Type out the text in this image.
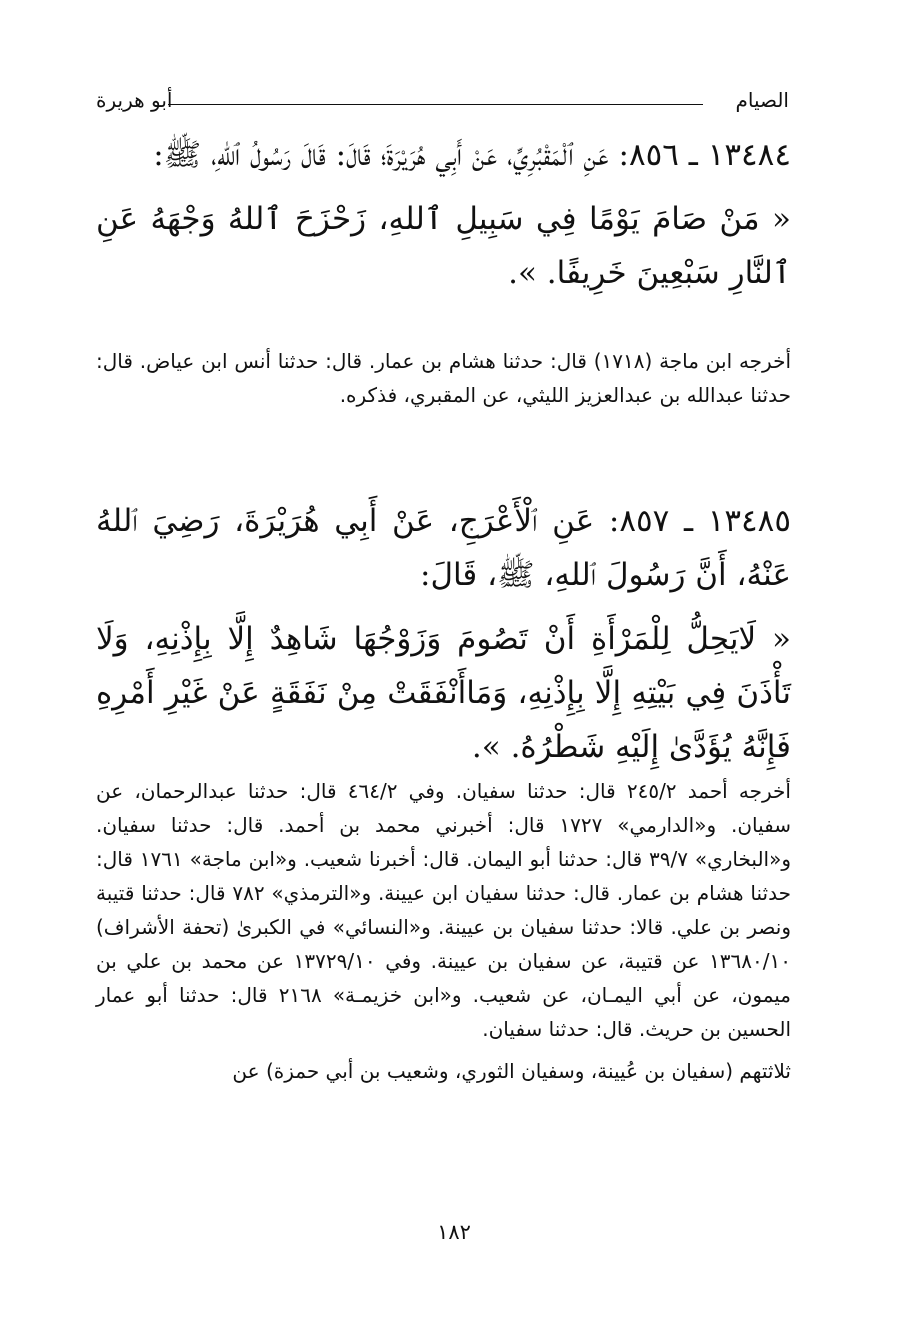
الصيام
أبو هريرة

١٣٤٨٤ ـ ٨٥٦: عَنِ ٱلْمَقْبُرِيِّ، عَنْ أَبِي هُرَيْرَةَ؛ قَالَ: قَالَ رَسُولُ ٱللهِ، ﷺ:

« مَنْ صَامَ يَوْمًا فِي سَبِيلِ ٱللهِ، زَحْزَحَ ٱللهُ وَجْهَهُ عَنِ ٱلنَّارِ سَبْعِينَ خَرِيفًا. ».

أخرجه ابن ماجة (١٧١٨) قال: حدثنا هشام بن عمار. قال: حدثنا أنس ابن عياض. قال: حدثنا عبدالله بن عبدالعزيز الليثي، عن المقبري، فذكره.

١٣٤٨٥ ـ ٨٥٧: عَنِ ٱلْأَعْرَجِ، عَنْ أَبِي هُرَيْرَةَ، رَضِيَ ٱللهُ عَنْهُ، أَنَّ رَسُولَ ٱللهِ، ﷺ، قَالَ:

« لَايَحِلُّ لِلْمَرْأَةِ أَنْ تَصُومَ وَزَوْجُهَا شَاهِدٌ إِلَّا بِإِذْنِهِ، وَلَا تَأْذَنَ فِي بَيْتِهِ إِلَّا بِإِذْنِهِ، وَمَاأَنْفَقَتْ مِنْ نَفَقَةٍ عَنْ غَيْرِ أَمْرِهِ فَإِنَّهُ يُؤَدَّىٰ إِلَيْهِ شَطْرُهُ. ».

أخرجه أحمد ٢٤٥/٢ قال: حدثنا سفيان. وفي ٤٦٤/٢ قال: حدثنا عبدالرحمان، عن سفيان. و«الدارمي» ١٧٢٧ قال: أخبرني محمد بن أحمد. قال: حدثنا سفيان. و«البخاري» ٣٩/٧ قال: حدثنا أبو اليمان. قال: أخبرنا شعيب. و«ابن ماجة» ١٧٦١ قال: حدثنا هشام بن عمار. قال: حدثنا سفيان ابن عيينة. و«الترمذي» ٧٨٢ قال: حدثنا قتيبة ونصر بن علي. قالا: حدثنا سفيان بن عيينة. و«النسائي» في الكبرىٰ (تحفة الأشراف) ١٣٦٨٠/١٠ عن قتيبة، عن سفيان بن عيينة. وفي ١٣٧٢٩/١٠ عن محمد بن علي بن ميمون، عن أبي اليمـان، عن شعيب. و«ابن خزيمـة» ٢١٦٨ قال: حدثنا أبو عمار الحسين بن حريث. قال: حدثنا سفيان.

ثلاثتهم (سفيان بن عُيينة، وسفيان الثوري، وشعيب بن أبي حمزة) عن

١٨٢
